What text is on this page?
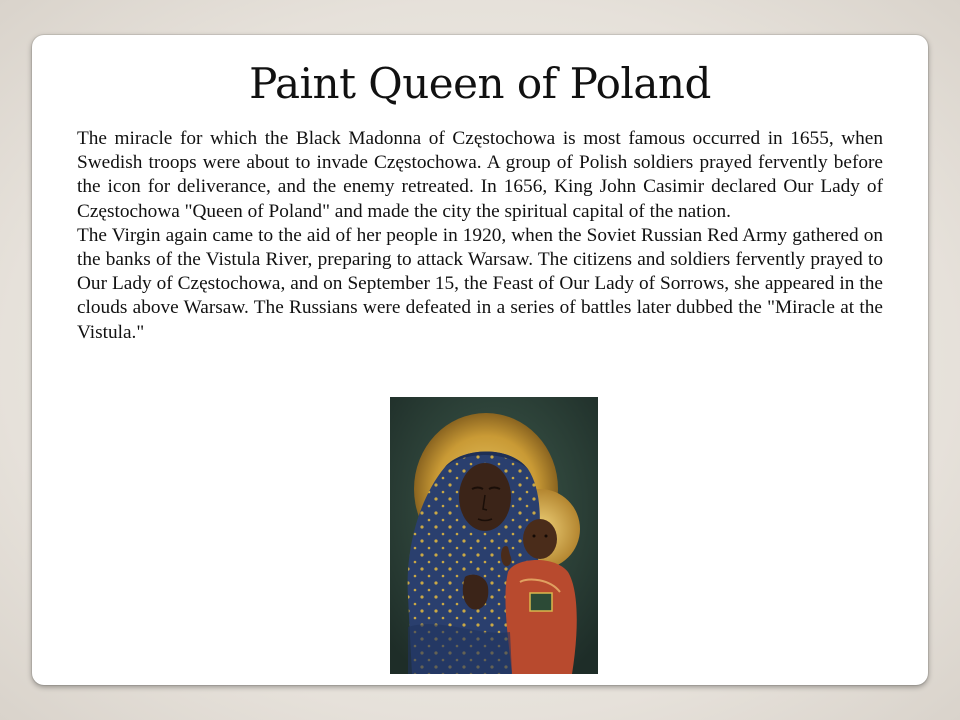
Paint Queen of Poland

The miracle for which the Black Madonna of Częstochowa is most famous occurred in 1655, when Swedish troops were about to invade Częstochowa. A group of Polish soldiers prayed fervently before the icon for deliverance, and the enemy retreated. In 1656, King John Casimir declared Our Lady of Częstochowa "Queen of Poland" and made the city the spiritual capital of the nation.

The Virgin again came to the aid of her people in 1920, when the Soviet Russian Red Army gathered on the banks of the Vistula River, preparing to attack Warsaw. The citizens and soldiers fervently prayed to Our Lady of Częstochowa, and on September 15, the Feast of Our Lady of Sorrows, she appeared in the clouds above Warsaw. The Russians were defeated in a series of battles later dubbed the "Miracle at the Vistula."
